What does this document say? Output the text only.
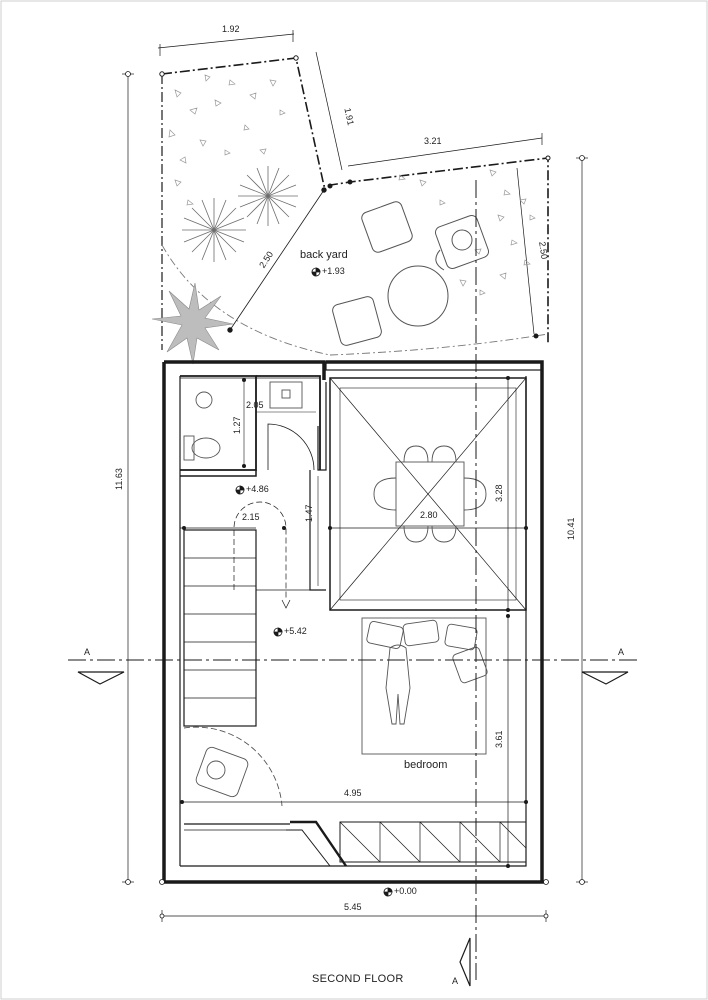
1.92
1.91
3.21
2.50
2.50 back yard
+1.93
11.63
10.41
2.05
1.27
+4.86
2.15	1.47	2.80
3.28
+5.42
3.61
bedroom
4.95
+0.00
5.45
A	A
A
SECOND FLOOR
